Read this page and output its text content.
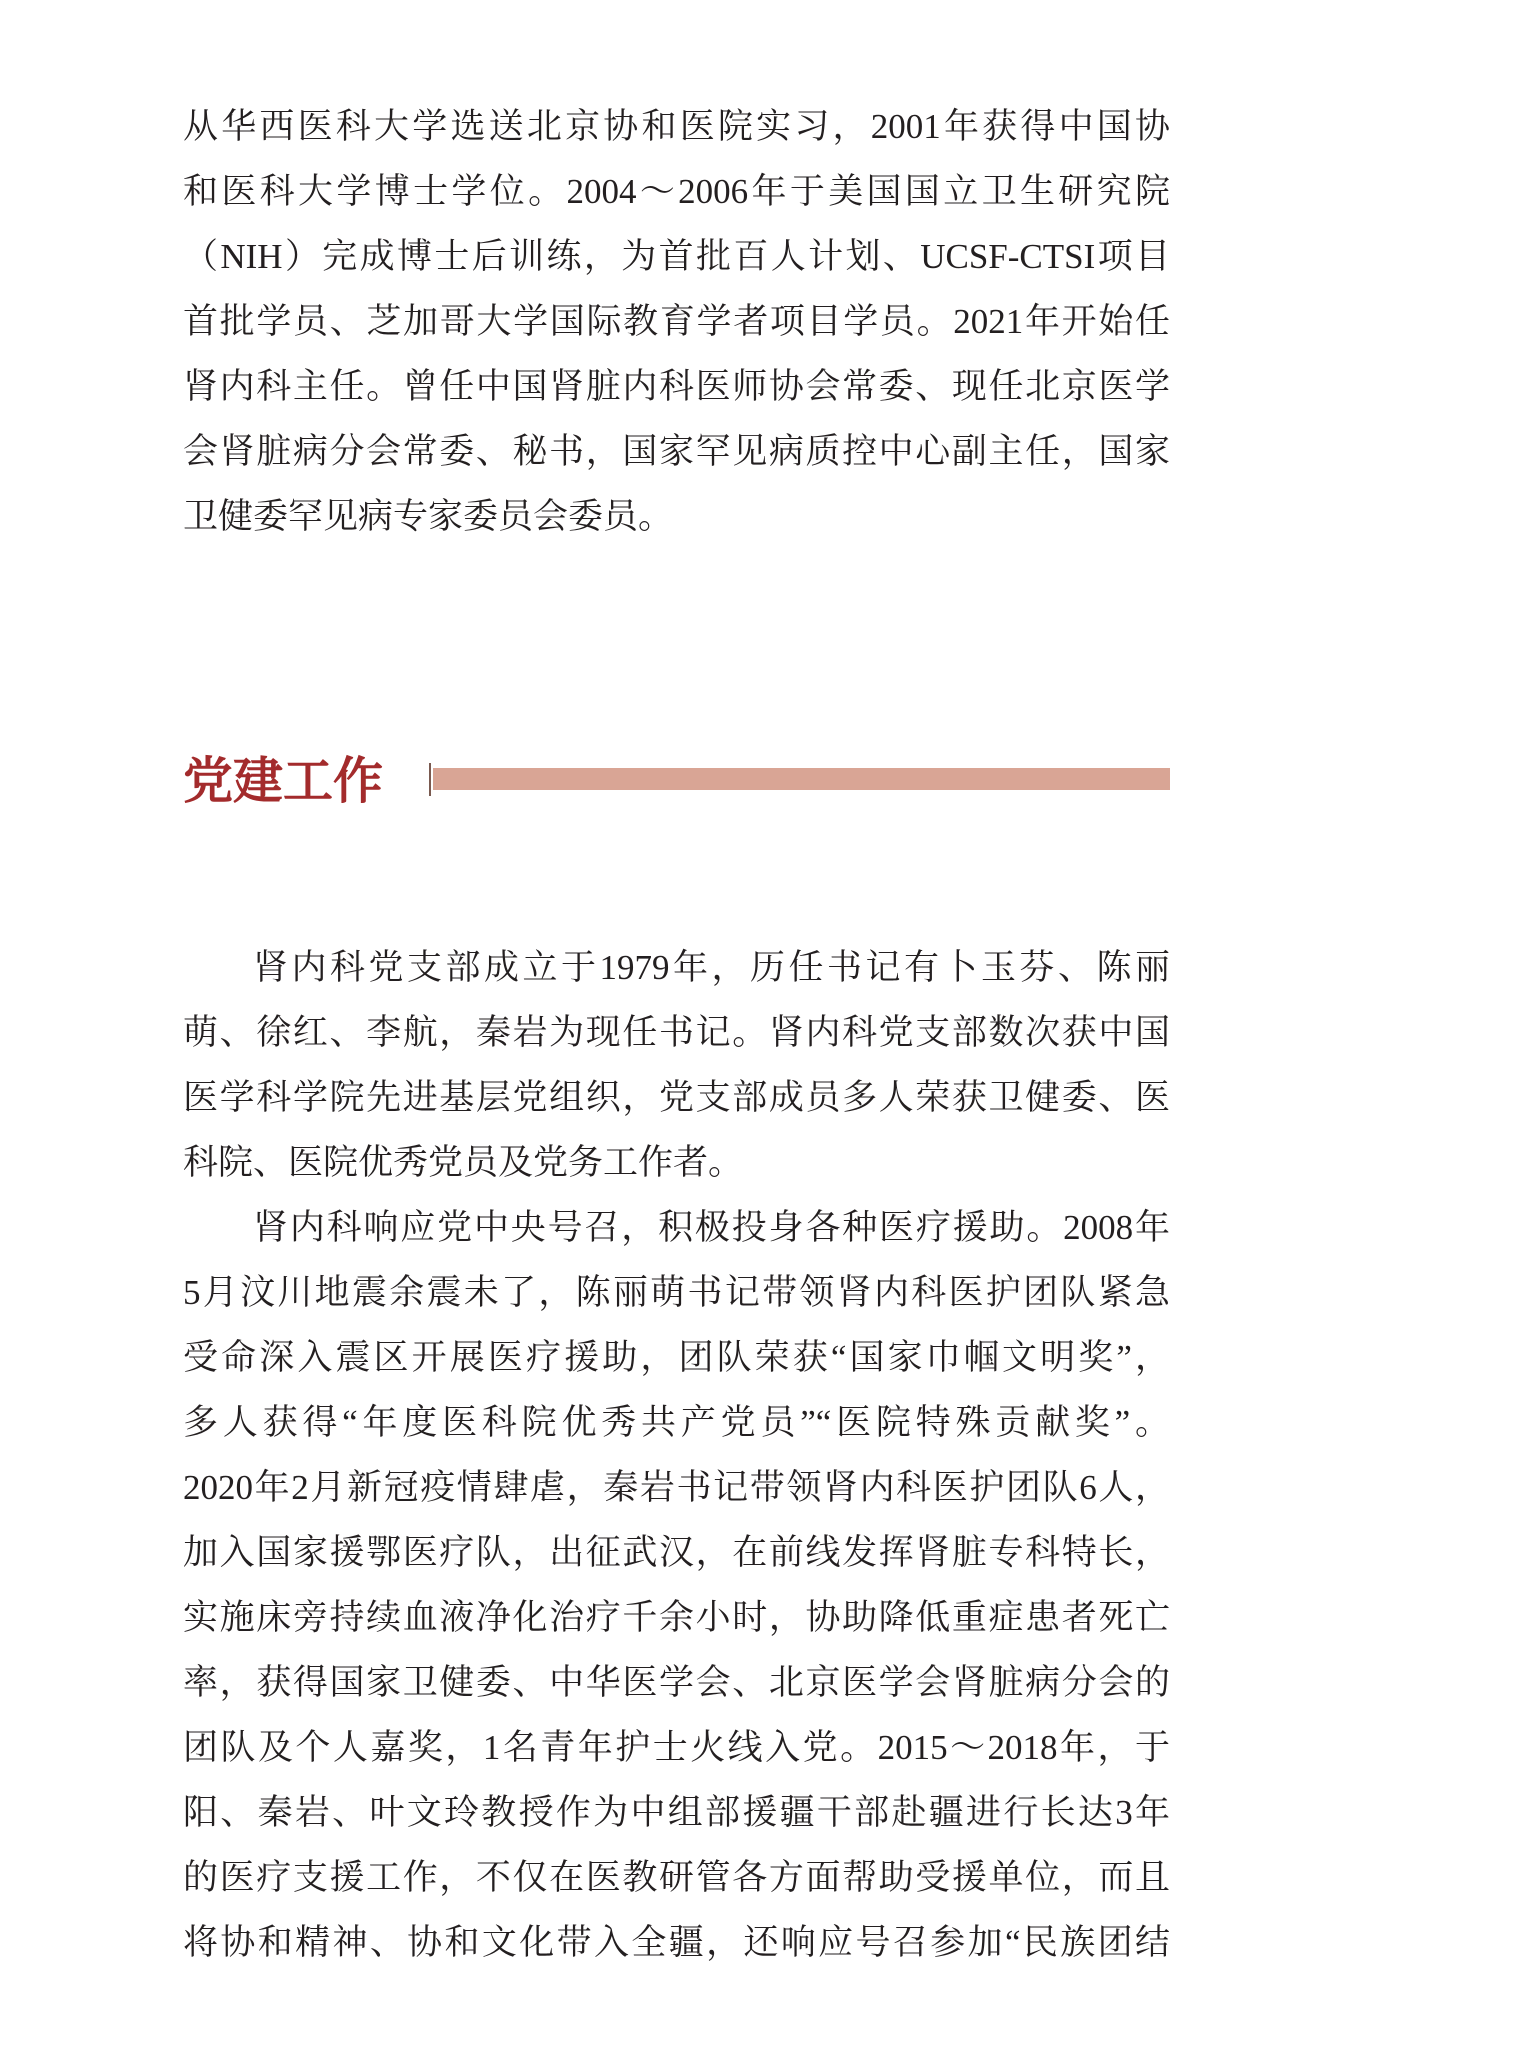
从华西医科大学选送北京协和医院实习，2001年获得中国协
和医科大学博士学位。2004～2006年于美国国立卫生研究院
（NIH）完成博士后训练，为首批百人计划、UCSF-CTSI项目
首批学员、芝加哥大学国际教育学者项目学员。2021年开始任
肾内科主任。曾任中国肾脏内科医师协会常委、现任北京医学
会肾脏病分会常委、秘书，国家罕见病质控中心副主任，国家
卫健委罕见病专家委员会委员。
党建工作
肾内科党支部成立于1979年，历任书记有卜玉芬、陈丽
萌、徐红、李航，秦岩为现任书记。肾内科党支部数次获中国
医学科学院先进基层党组织，党支部成员多人荣获卫健委、医
科院、医院优秀党员及党务工作者。
肾内科响应党中央号召，积极投身各种医疗援助。2008年
5月汶川地震余震未了，陈丽萌书记带领肾内科医护团队紧急
受命深入震区开展医疗援助，团队荣获“国家巾帼文明奖”，
多人获得“年度医科院优秀共产党员”“医院特殊贡献奖”。
2020年2月新冠疫情肆虐，秦岩书记带领肾内科医护团队6人，
加入国家援鄂医疗队，出征武汉，在前线发挥肾脏专科特长，
实施床旁持续血液净化治疗千余小时，协助降低重症患者死亡
率，获得国家卫健委、中华医学会、北京医学会肾脏病分会的
团队及个人嘉奖，1名青年护士火线入党。2015～2018年，于
阳、秦岩、叶文玲教授作为中组部援疆干部赴疆进行长达3年
的医疗支援工作，不仅在医教研管各方面帮助受援单位，而且
将协和精神、协和文化带入全疆，还响应号召参加“民族团结
